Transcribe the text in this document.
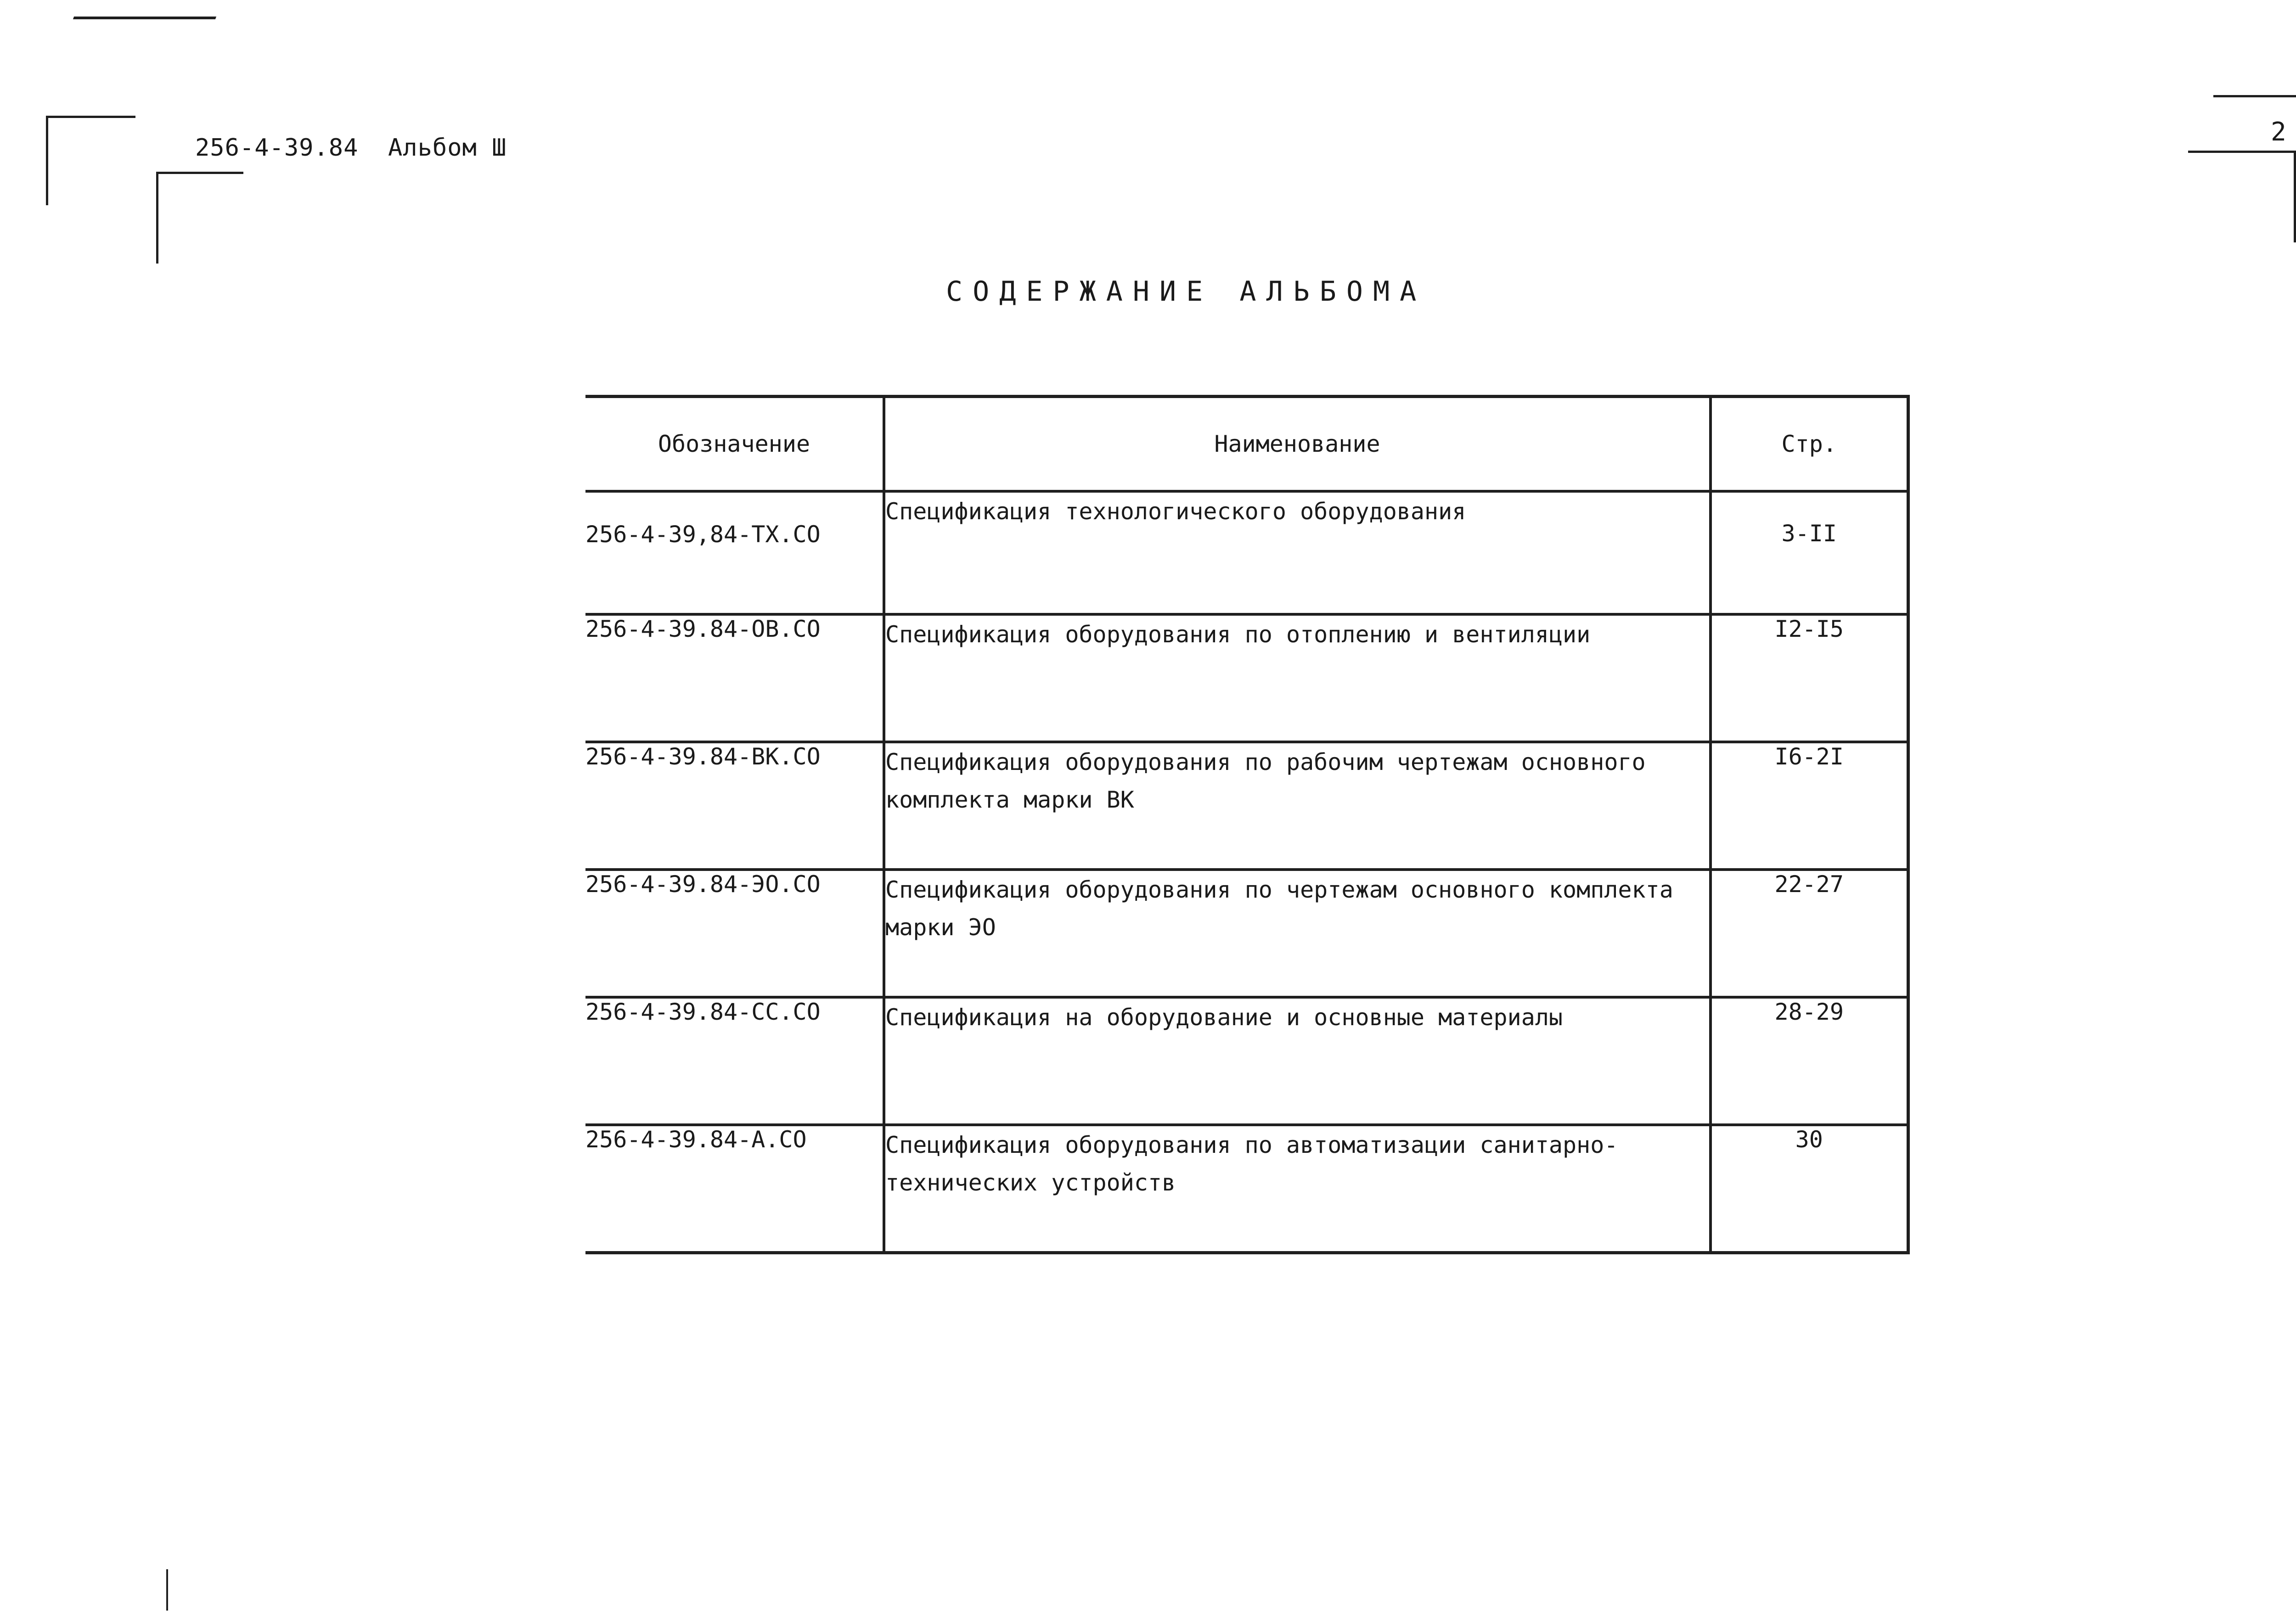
256-4-39.84 Альбом Ш
2
СОДЕРЖАНИЕ АЛЬБОМА
Обозначение	Наименование	Стр.
256-4-39,84-ТХ.СО	Спецификация технологического оборудования	3-II
256-4-39.84-ОВ.СО	Спецификация оборудования по отоплению и вентиляции	I2-I5
256-4-39.84-ВК.СО	Спецификация оборудования по рабочим чертежам основного комплекта марки ВК	I6-2I
256-4-39.84-ЭО.СО	Спецификация оборудования по чертежам основного комплекта марки ЭО	22-27
256-4-39.84-СС.СО	Спецификация на оборудование и основные материалы	28-29
256-4-39.84-А.СО	Спецификация оборудования по автоматизации санитарно-технических устройств	30
